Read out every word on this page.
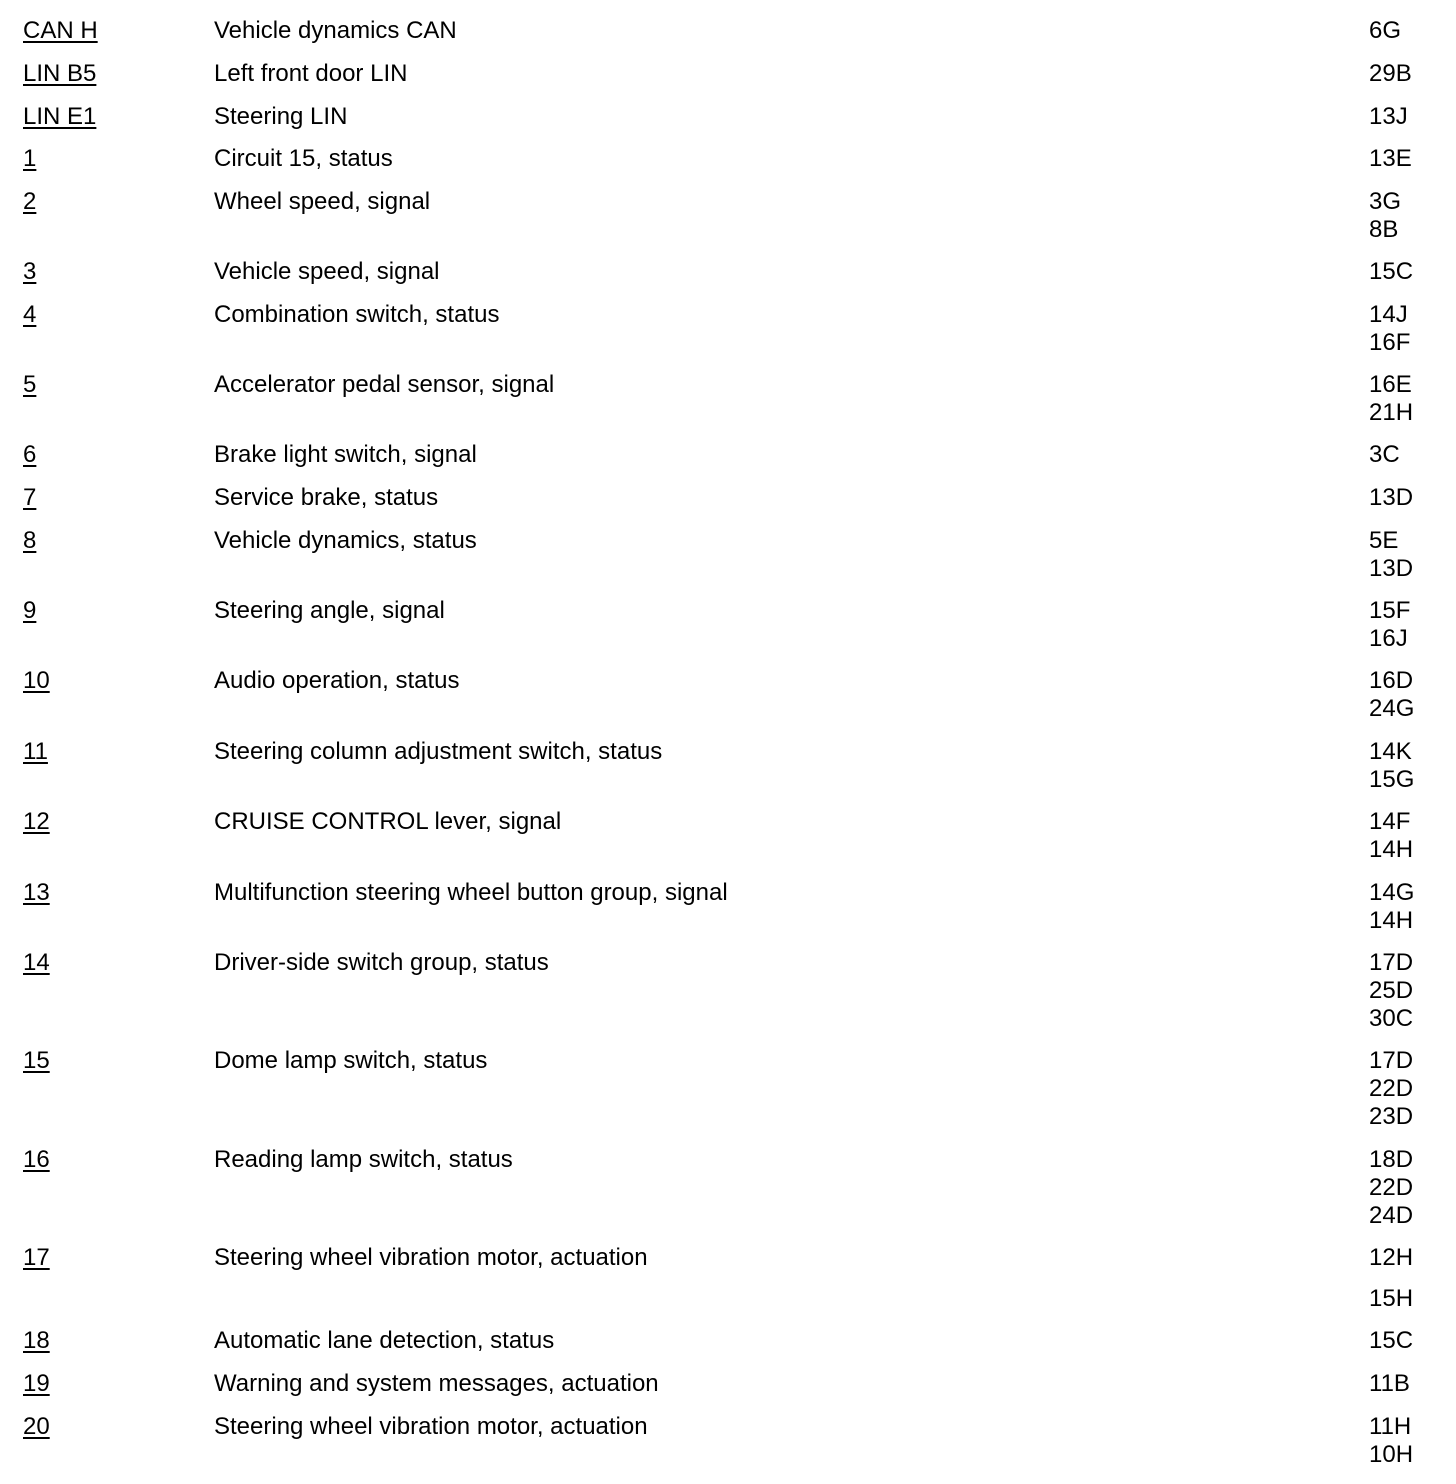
CAN H	Vehicle dynamics CAN	6G
LIN B5	Left front door LIN	29B
LIN E1	Steering LIN	13J
1	Circuit 15, status	13E
2	Wheel speed, signal	3G
8B
3	Vehicle speed, signal	15C
4	Combination switch, status	14J
16F
5	Accelerator pedal sensor, signal	16E
21H
6	Brake light switch, signal	3C
7	Service brake, status	13D
8	Vehicle dynamics, status	5E
13D
9	Steering angle, signal	15F
16J
10	Audio operation, status	16D
24G
11	Steering column adjustment switch, status	14K
15G
12	CRUISE CONTROL lever, signal	14F
14H
13	Multifunction steering wheel button group, signal	14G
14H
14	Driver-side switch group, status	17D
25D
30C
15	Dome lamp switch, status	17D
22D
23D
16	Reading lamp switch, status	18D
22D
24D
17	Steering wheel vibration motor, actuation	12H
15H
18	Automatic lane detection, status	15C
19	Warning and system messages, actuation	11B
20	Steering wheel vibration motor, actuation	11H
10H
